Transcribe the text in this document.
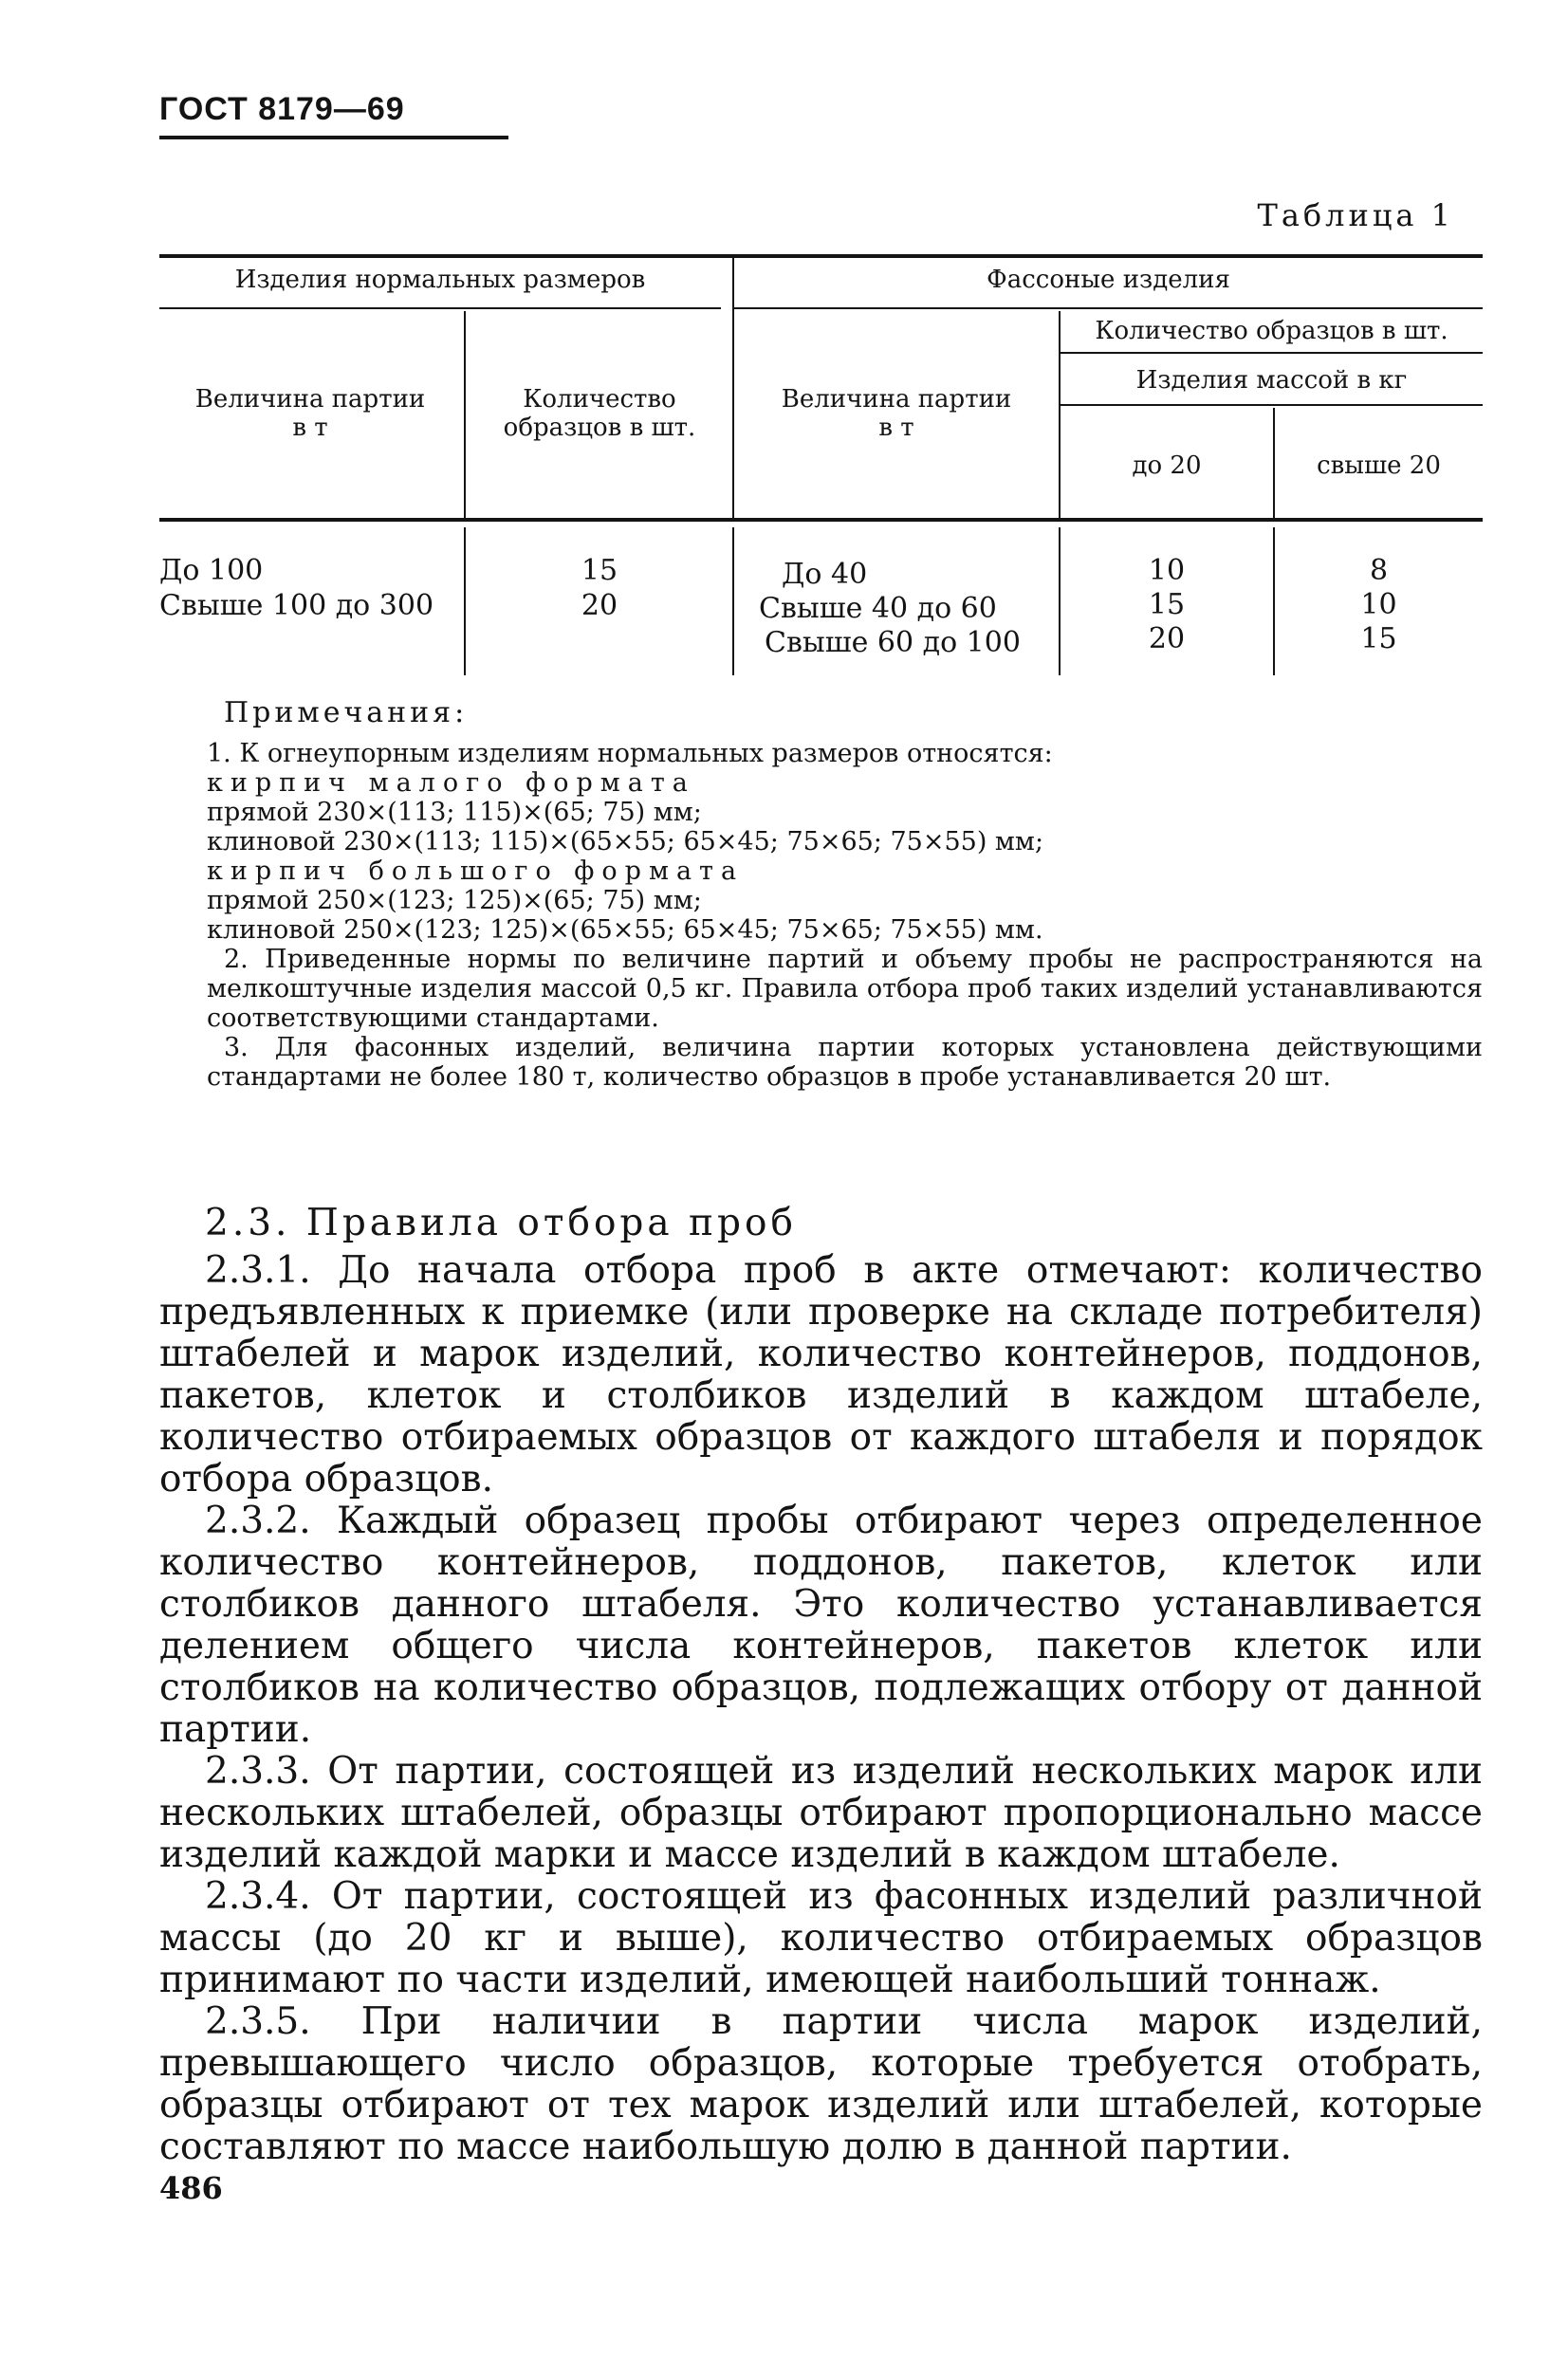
ГОСТ 8179—69
Таблица 1
Изделия нормальных размеров	Фассоные изделия
Величина партии
в т
Количество
образцов в шт.
Величина партии
в т
Количество образцов в шт.
Изделия массой в кг
до 20	свыше 20
До 100
Свыше 100 до 300
15
20
До 40
Свыше 40 до 60
Свыше 60 до 100
10
15
20
8
10
15
Примечания:

1. К огнеупорным изделиям нормальных размеров относятся:

кирпич малого формата

прямой 230×(113; 115)×(65; 75) мм;

клиновой 230×(113; 115)×(65×55; 65×45; 75×65; 75×55) мм;

кирпич большого формата

прямой 250×(123; 125)×(65; 75) мм;

клиновой 250×(123; 125)×(65×55; 65×45; 75×65; 75×55) мм.

2. Приведенные нормы по величине партий и объему пробы не распространяются на мелкоштучные изделия массой 0,5 кг. Правила отбора проб таких изделий устанавливаются соответствующими стандартами.

3. Для фасонных изделий, величина партии которых установлена действующими стандартами не более 180 т, количество образцов в пробе устанавливается 20 шт.

2.3. Правила отбора проб

2.3.1. До начала отбора проб в акте отмечают: количество предъявленных к приемке (или проверке на складе потребителя) штабелей и марок изделий, количество контейнеров, поддонов, пакетов, клеток и столбиков изделий в каждом штабеле, количество отбираемых образцов от каждого штабеля и порядок отбора образцов.

2.3.2. Каждый образец пробы отбирают через определенное количество контейнеров, поддонов, пакетов, клеток или столбиков данного штабеля. Это количество устанавливается делением общего числа контейнеров, пакетов клеток или столбиков на количество образцов, подлежащих отбору от данной партии.

2.3.3. От партии, состоящей из изделий нескольких марок или нескольких штабелей, образцы отбирают пропорционально массе изделий каждой марки и массе изделий в каждом штабеле.

2.3.4. От партии, состоящей из фасонных изделий различной массы (до 20 кг и выше), количество отбираемых образцов принимают по части изделий, имеющей наибольший тоннаж.

2.3.5. При наличии в партии числа марок изделий, превышающего число образцов, которые требуется отобрать, образцы отбирают от тех марок изделий или штабелей, которые составляют по массе наибольшую долю в данной партии.

486
